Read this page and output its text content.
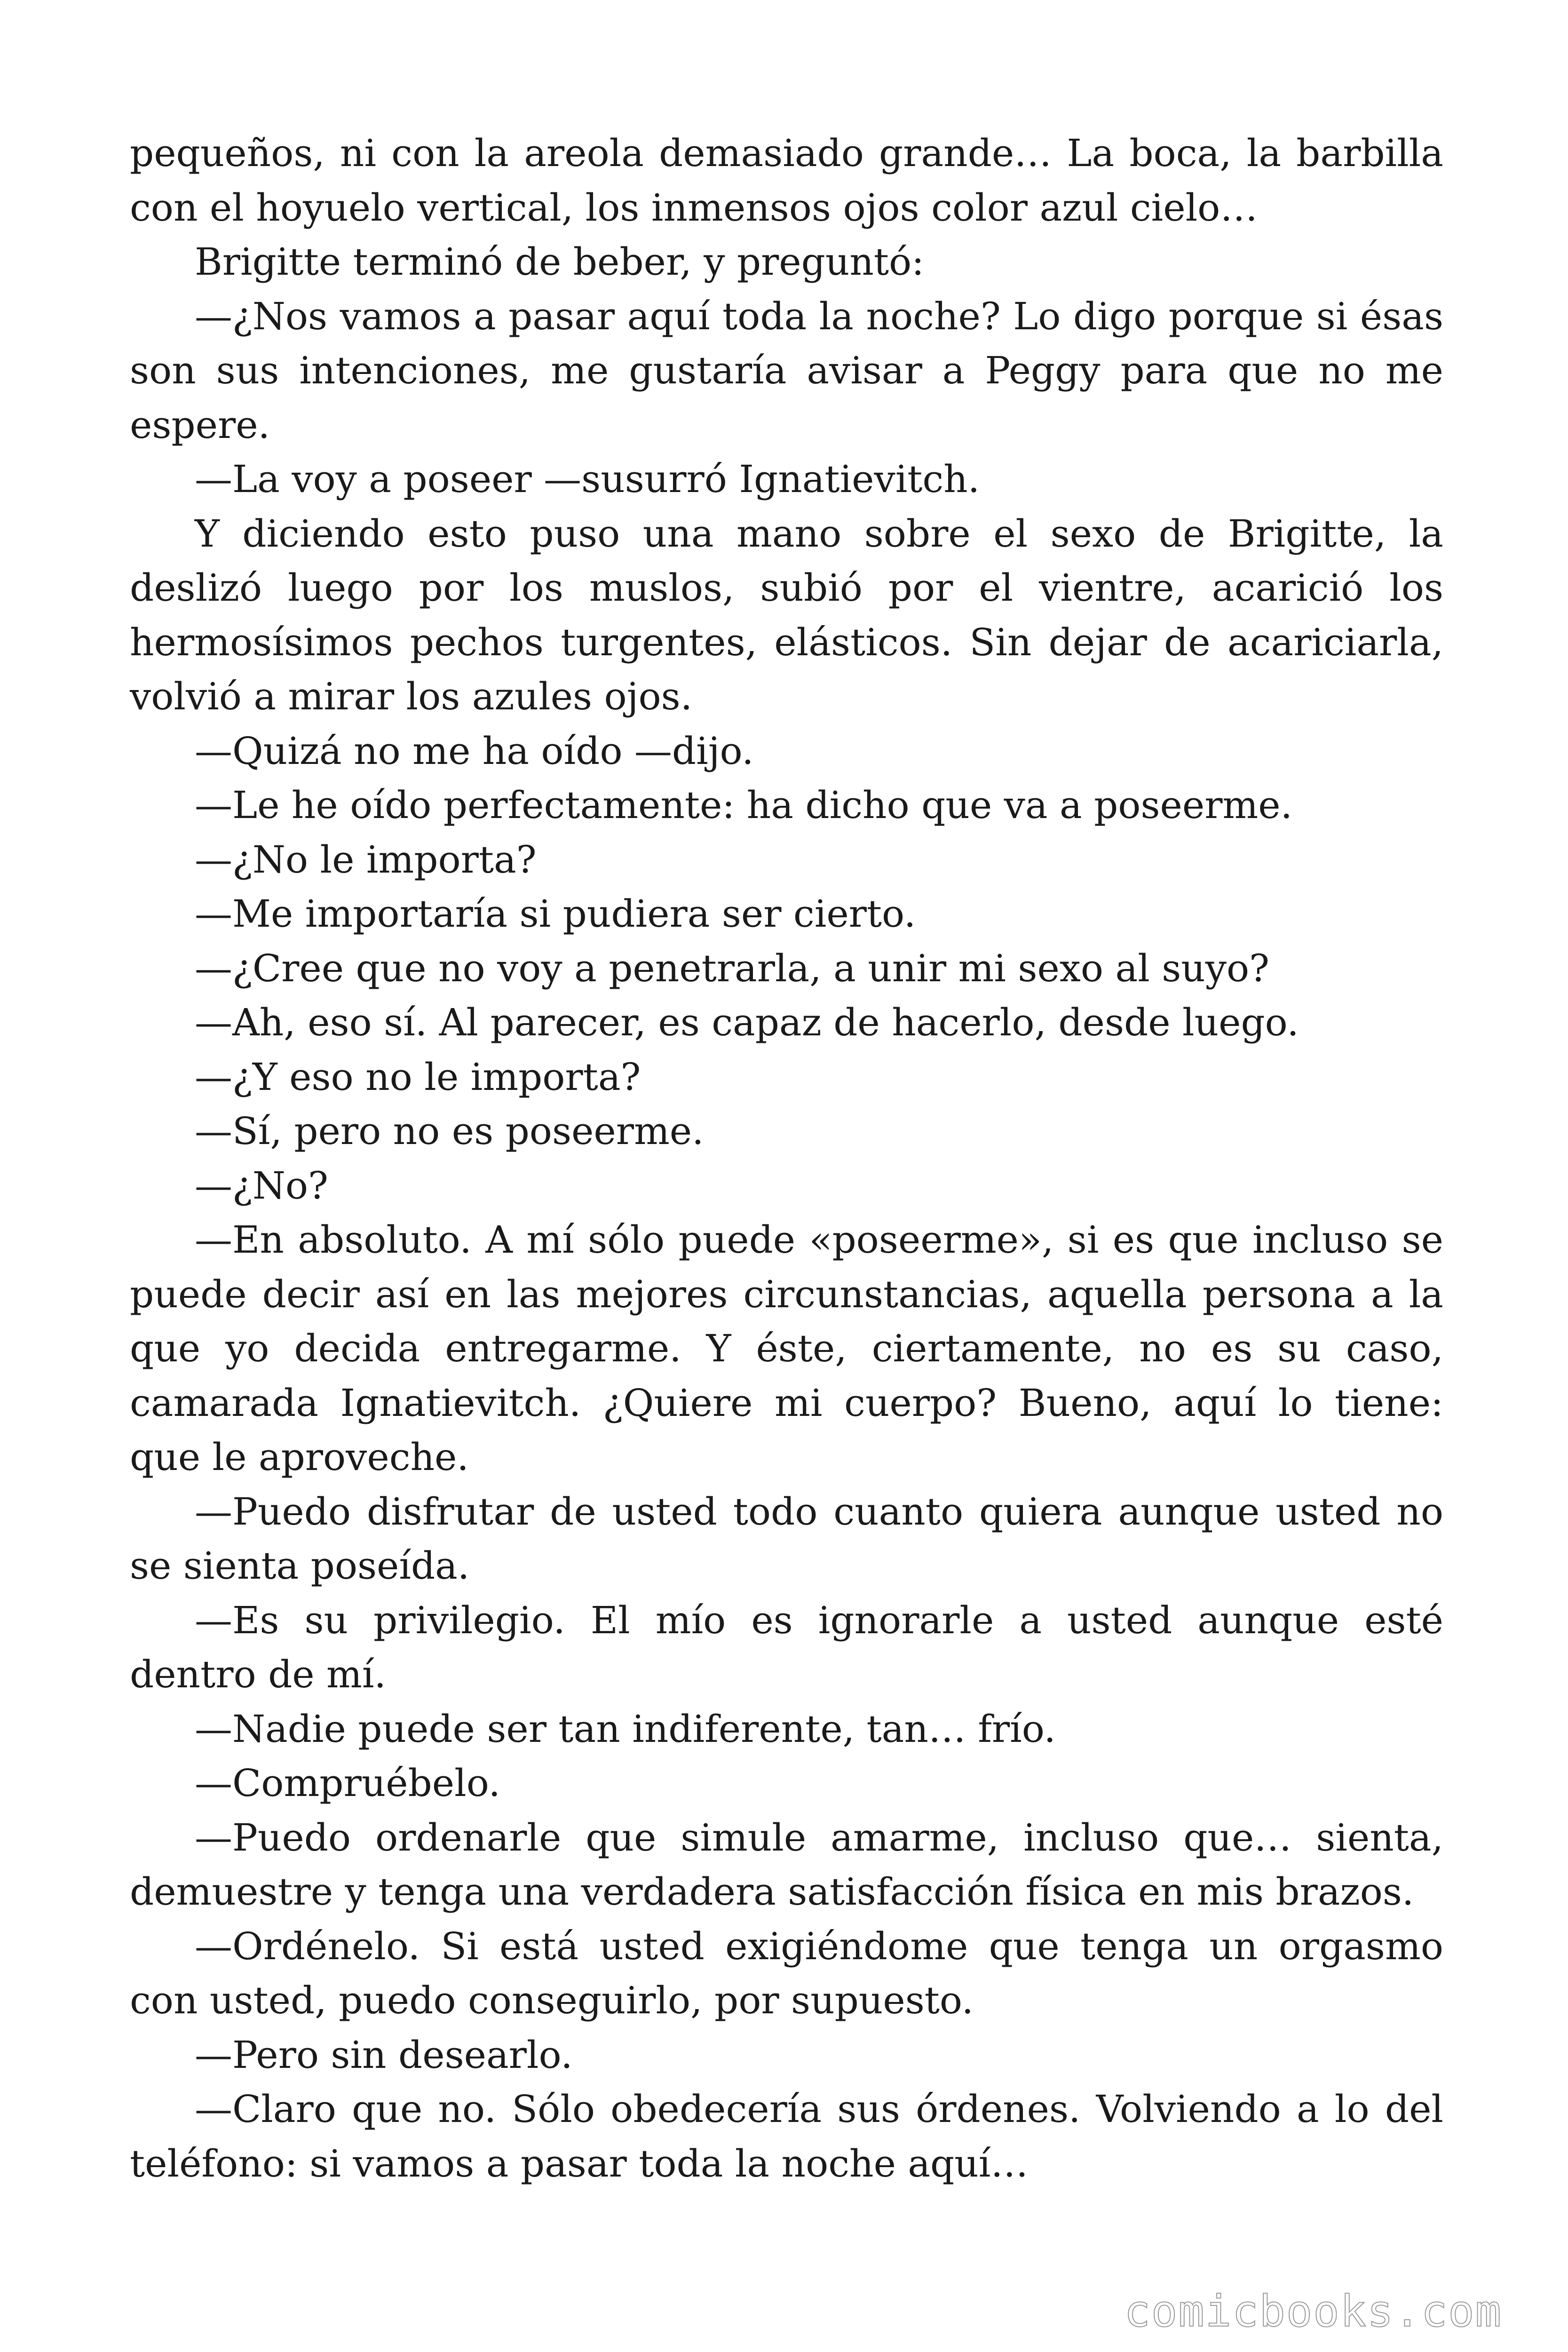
pequeños, ni con la areola demasiado grande… La boca, la barbilla con el hoyuelo vertical, los inmensos ojos color azul cielo…

Brigitte terminó de beber, y preguntó:

—¿Nos vamos a pasar aquí toda la noche? Lo digo porque si ésas son sus intenciones, me gustaría avisar a Peggy para que no me espere.

—La voy a poseer —susurró Ignatievitch.

Y diciendo esto puso una mano sobre el sexo de Brigitte, la deslizó luego por los muslos, subió por el vientre, acarició los hermosísimos pechos turgentes, elásticos. Sin dejar de acariciarla, volvió a mirar los azules ojos.

—Quizá no me ha oído —dijo.

—Le he oído perfectamente: ha dicho que va a poseerme.

—¿No le importa?

—Me importaría si pudiera ser cierto.

—¿Cree que no voy a penetrarla, a unir mi sexo al suyo?

—Ah, eso sí. Al parecer, es capaz de hacerlo, desde luego.

—¿Y eso no le importa?

—Sí, pero no es poseerme.

—¿No?

—En absoluto. A mí sólo puede «poseerme», si es que incluso se puede decir así en las mejores circunstancias, aquella persona a la que yo decida entregarme. Y éste, ciertamente, no es su caso, camarada Ignatievitch. ¿Quiere mi cuerpo? Bueno, aquí lo tiene: que le aproveche.

—Puedo disfrutar de usted todo cuanto quiera aunque usted no se sienta poseída.

—Es su privilegio. El mío es ignorarle a usted aunque esté dentro de mí.

—Nadie puede ser tan indiferente, tan… frío.

—Compruébelo.

—Puedo ordenarle que simule amarme, incluso que… sienta, demuestre y tenga una verdadera satisfacción física en mis brazos.

—Ordénelo. Si está usted exigiéndome que tenga un orgasmo con usted, puedo conseguirlo, por supuesto.

—Pero sin desearlo.

—Claro que no. Sólo obedecería sus órdenes. Volviendo a lo del teléfono: si vamos a pasar toda la noche aquí…

comicbooks.com
